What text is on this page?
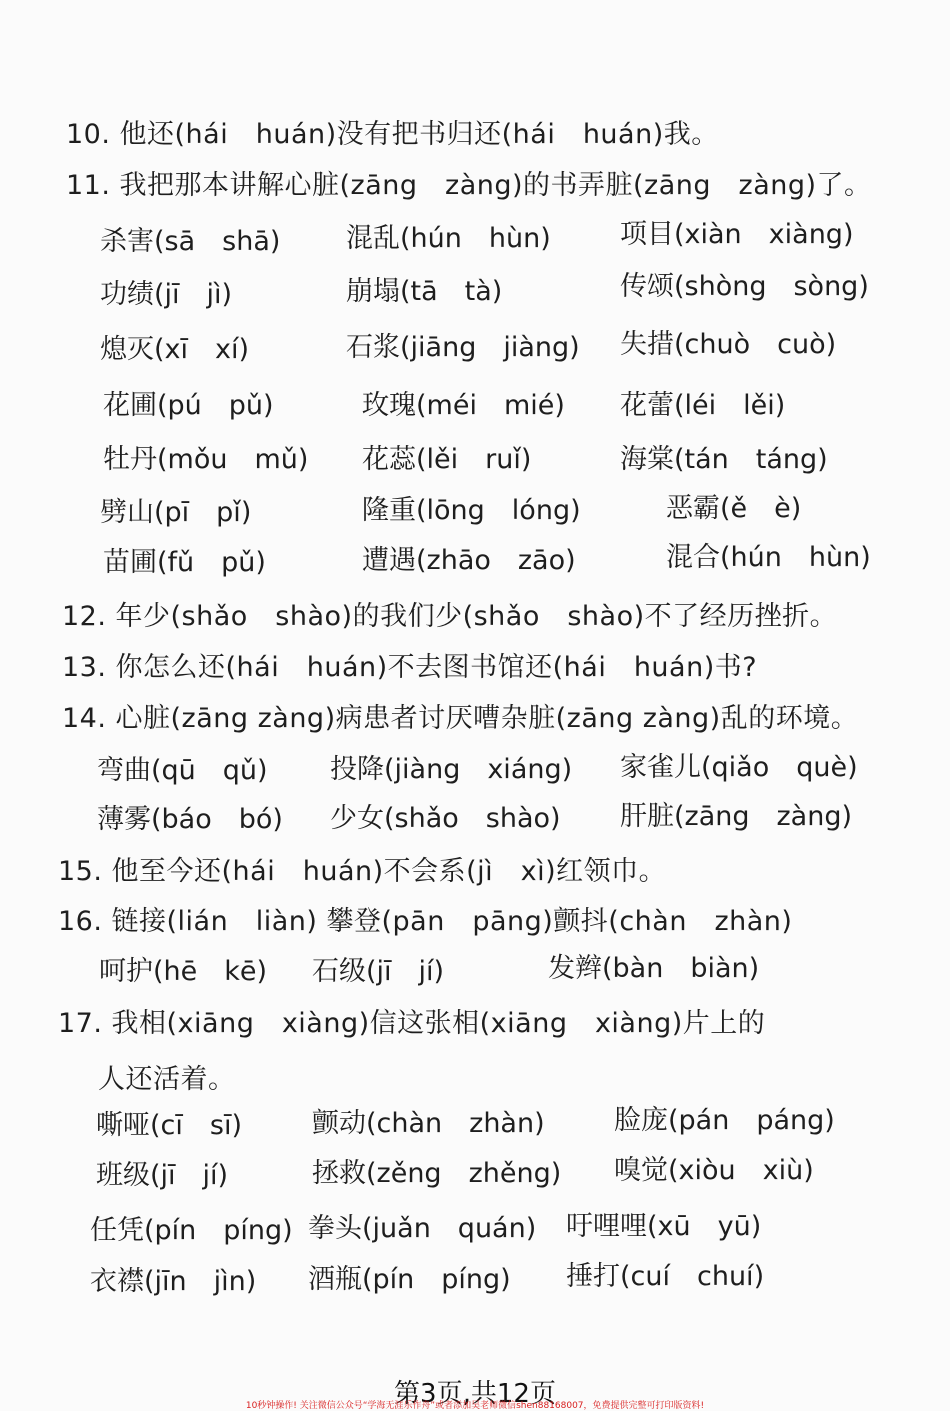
10. 他还(hái　huán)没有把书归还(hái　huán)我。
11. 我把那本讲解心脏(zāng　zàng)的书弄脏(zāng　zàng)了。
杀害(sā　shā) 混乱(hún　hùn)	项目(xiàn　xiàng)
功绩(jī　jì)	崩塌(tā　tà)	传颂(shòng　sòng)
熄灭(xī　xí)	石浆(jiāng　jiàng) 失措(chuò　cuò)
花圃(pú　pǔ)	玫瑰(méi　mié) 花蕾(léi　lěi)
牡丹(mǒu　mǔ) 花蕊(lěi　ruǐ)	海棠(tán　táng)
劈山(pī　pǐ)	隆重(lōng　lóng)	恶霸(ě　è)
苗圃(fǔ　pǔ)	遭遇(zhāo　zāo)	混合(hún　hùn)
12. 年少(shǎo　shào)的我们少(shǎo　shào)不了经历挫折。
13. 你怎么还(hái　huán)不去图书馆还(hái　huán)书?
14. 心脏(zāng zàng)病患者讨厌嘈杂脏(zāng zàng)乱的环境。
弯曲(qū　qǔ) 投降(jiàng　xiáng) 家雀儿(qiǎo　què)
薄雾(báo　bó) 少女(shǎo　shào) 肝脏(zāng　zàng)
15. 他至今还(hái　huán)不会系(jì　xì)红领巾。
16. 链接(lián　liàn) 攀登(pān　pāng)颤抖(chàn　zhàn)
呵护(hē　kē) 石级(jī　jí)	发辫(bàn　biàn)
17. 我相(xiāng　xiàng)信这张相(xiāng　xiàng)片上的
人还活着。
嘶哑(cī　sī)	颤动(chàn　zhàn)	脸庞(pán　páng)
班级(jī　jí)	拯救(zěng　zhěng) 嗅觉(xiòu　xiù)
任凭(pín　píng) 拳头(juǎn　quán) 吁哩哩(xū　yū)
衣襟(jīn　jìn) 酒瓶(pín　píng) 捶打(cuí　chuí)
第3页,共12页
10秒钟操作! 关注微信公众号“学海无涯乐作舟”或者添加吴老师微信shen88168007，免费提供完整可打印版资料!
